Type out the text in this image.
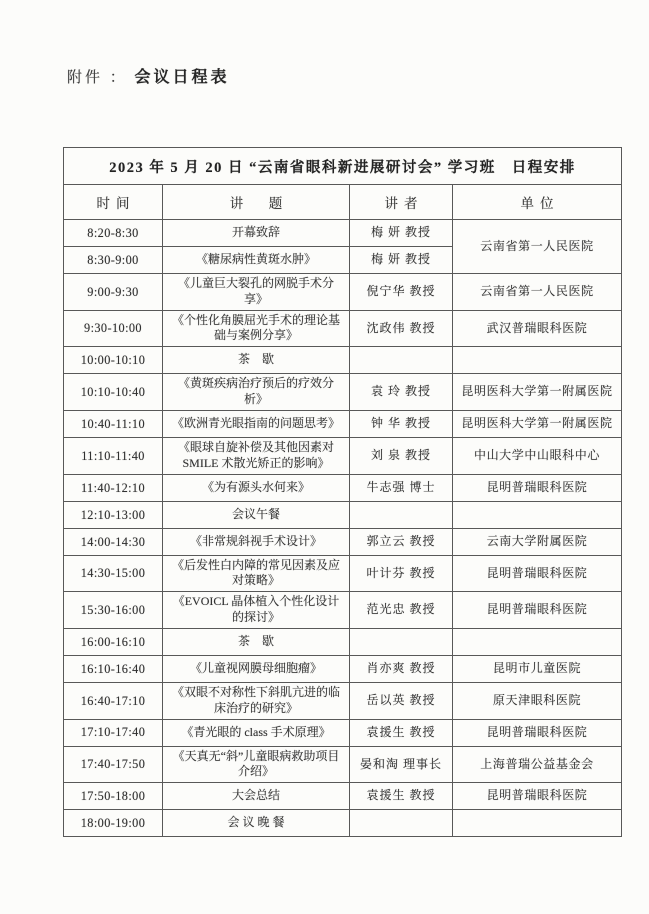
附件 ： 会议日程表
2023 年 5 月 20 日 “云南省眼科新进展研讨会” 学习班　日程安排			
时间	讲　题	讲者	单位
8:20-8:30	开幕致辞	梅 妍 教授	云南省第一人民医院
8:30-9:00	《糖尿病性黄斑水肿》	梅 妍 教授	
9:00-9:30	《儿童巨大裂孔的网脱手术分享》	倪宁华 教授	云南省第一人民医院
9:30-10:00	《个性化角膜屈光手术的理论基础与案例分享》	沈政伟 教授	武汉普瑞眼科医院
10:00-10:10	茶　歇		
10:10-10:40	《黄斑疾病治疗预后的疗效分析》	袁 玲 教授	昆明医科大学第一附属医院
10:40-11:10	《欧洲青光眼指南的问题思考》	钟 华 教授	昆明医科大学第一附属医院
11:10-11:40	《眼球自旋补偿及其他因素对 SMILE 术散光矫正的影响》	刘 泉 教授	中山大学中山眼科中心
11:40-12:10	《为有源头水何来》	牛志强 博士	昆明普瑞眼科医院
12:10-13:00	会议午餐		
14:00-14:30	《非常规斜视手术设计》	郭立云 教授	云南大学附属医院
14:30-15:00	《后发性白内障的常见因素及应对策略》	叶计芬 教授	昆明普瑞眼科医院
15:30-16:00	《EVOICL 晶体植入个性化设计的探讨》	范光忠 教授	昆明普瑞眼科医院
16:00-16:10	茶　歇		
16:10-16:40	《儿童视网膜母细胞瘤》	肖亦爽 教授	昆明市儿童医院
16:40-17:10	《双眼不对称性下斜肌亢进的临床治疗的研究》	岳以英 教授	原天津眼科医院
17:10-17:40	《青光眼的 class 手术原理》	袁援生 教授	昆明普瑞眼科医院
17:40-17:50	《天真无“斜”儿童眼病救助项目介绍》	晏和淘 理事长	上海普瑞公益基金会
17:50-18:00	大会总结	袁援生 教授	昆明普瑞眼科医院
18:00-19:00	会 议 晚 餐		
